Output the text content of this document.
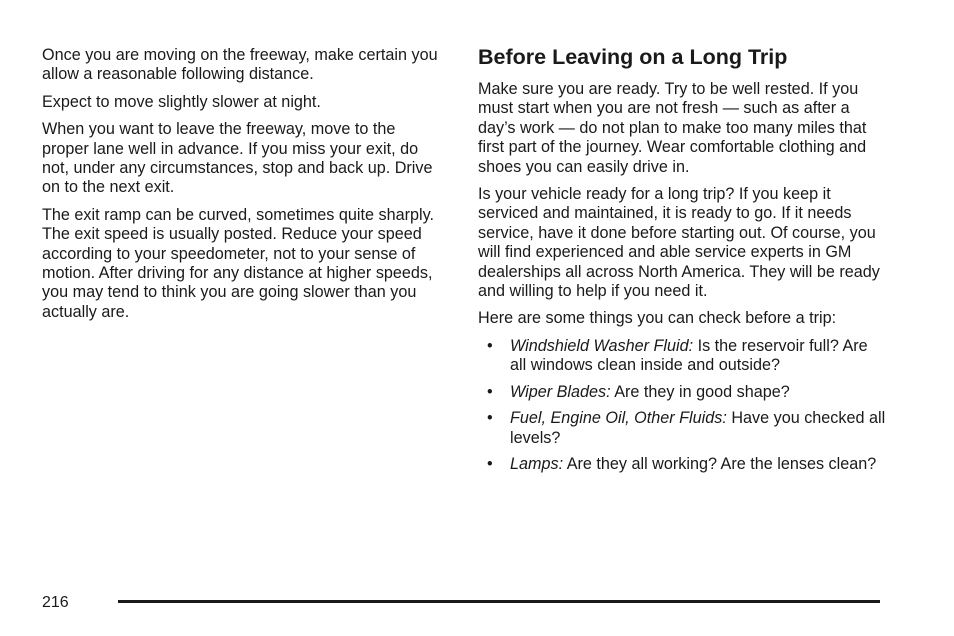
Once you are moving on the freeway, make certain you allow a reasonable following distance.

Expect to move slightly slower at night.

When you want to leave the freeway, move to the proper lane well in advance. If you miss your exit, do not, under any circumstances, stop and back up. Drive on to the next exit.

The exit ramp can be curved, sometimes quite sharply. The exit speed is usually posted. Reduce your speed according to your speedometer, not to your sense of motion. After driving for any distance at higher speeds, you may tend to think you are going slower than you actually are.

Before Leaving on a Long Trip

Make sure you are ready. Try to be well rested. If you must start when you are not fresh — such as after a day’s work — do not plan to make too many miles that first part of the journey. Wear comfortable clothing and shoes you can easily drive in.

Is your vehicle ready for a long trip? If you keep it serviced and maintained, it is ready to go. If it needs service, have it done before starting out. Of course, you will find experienced and able service experts in GM dealerships all across North America. They will be ready and willing to help if you need it.

Here are some things you can check before a trip:

• Windshield Washer Fluid: Is the reservoir full? Are all windows clean inside and outside?
• Wiper Blades: Are they in good shape?
• Fuel, Engine Oil, Other Fluids: Have you checked all levels?
• Lamps: Are they all working? Are the lenses clean?
216
